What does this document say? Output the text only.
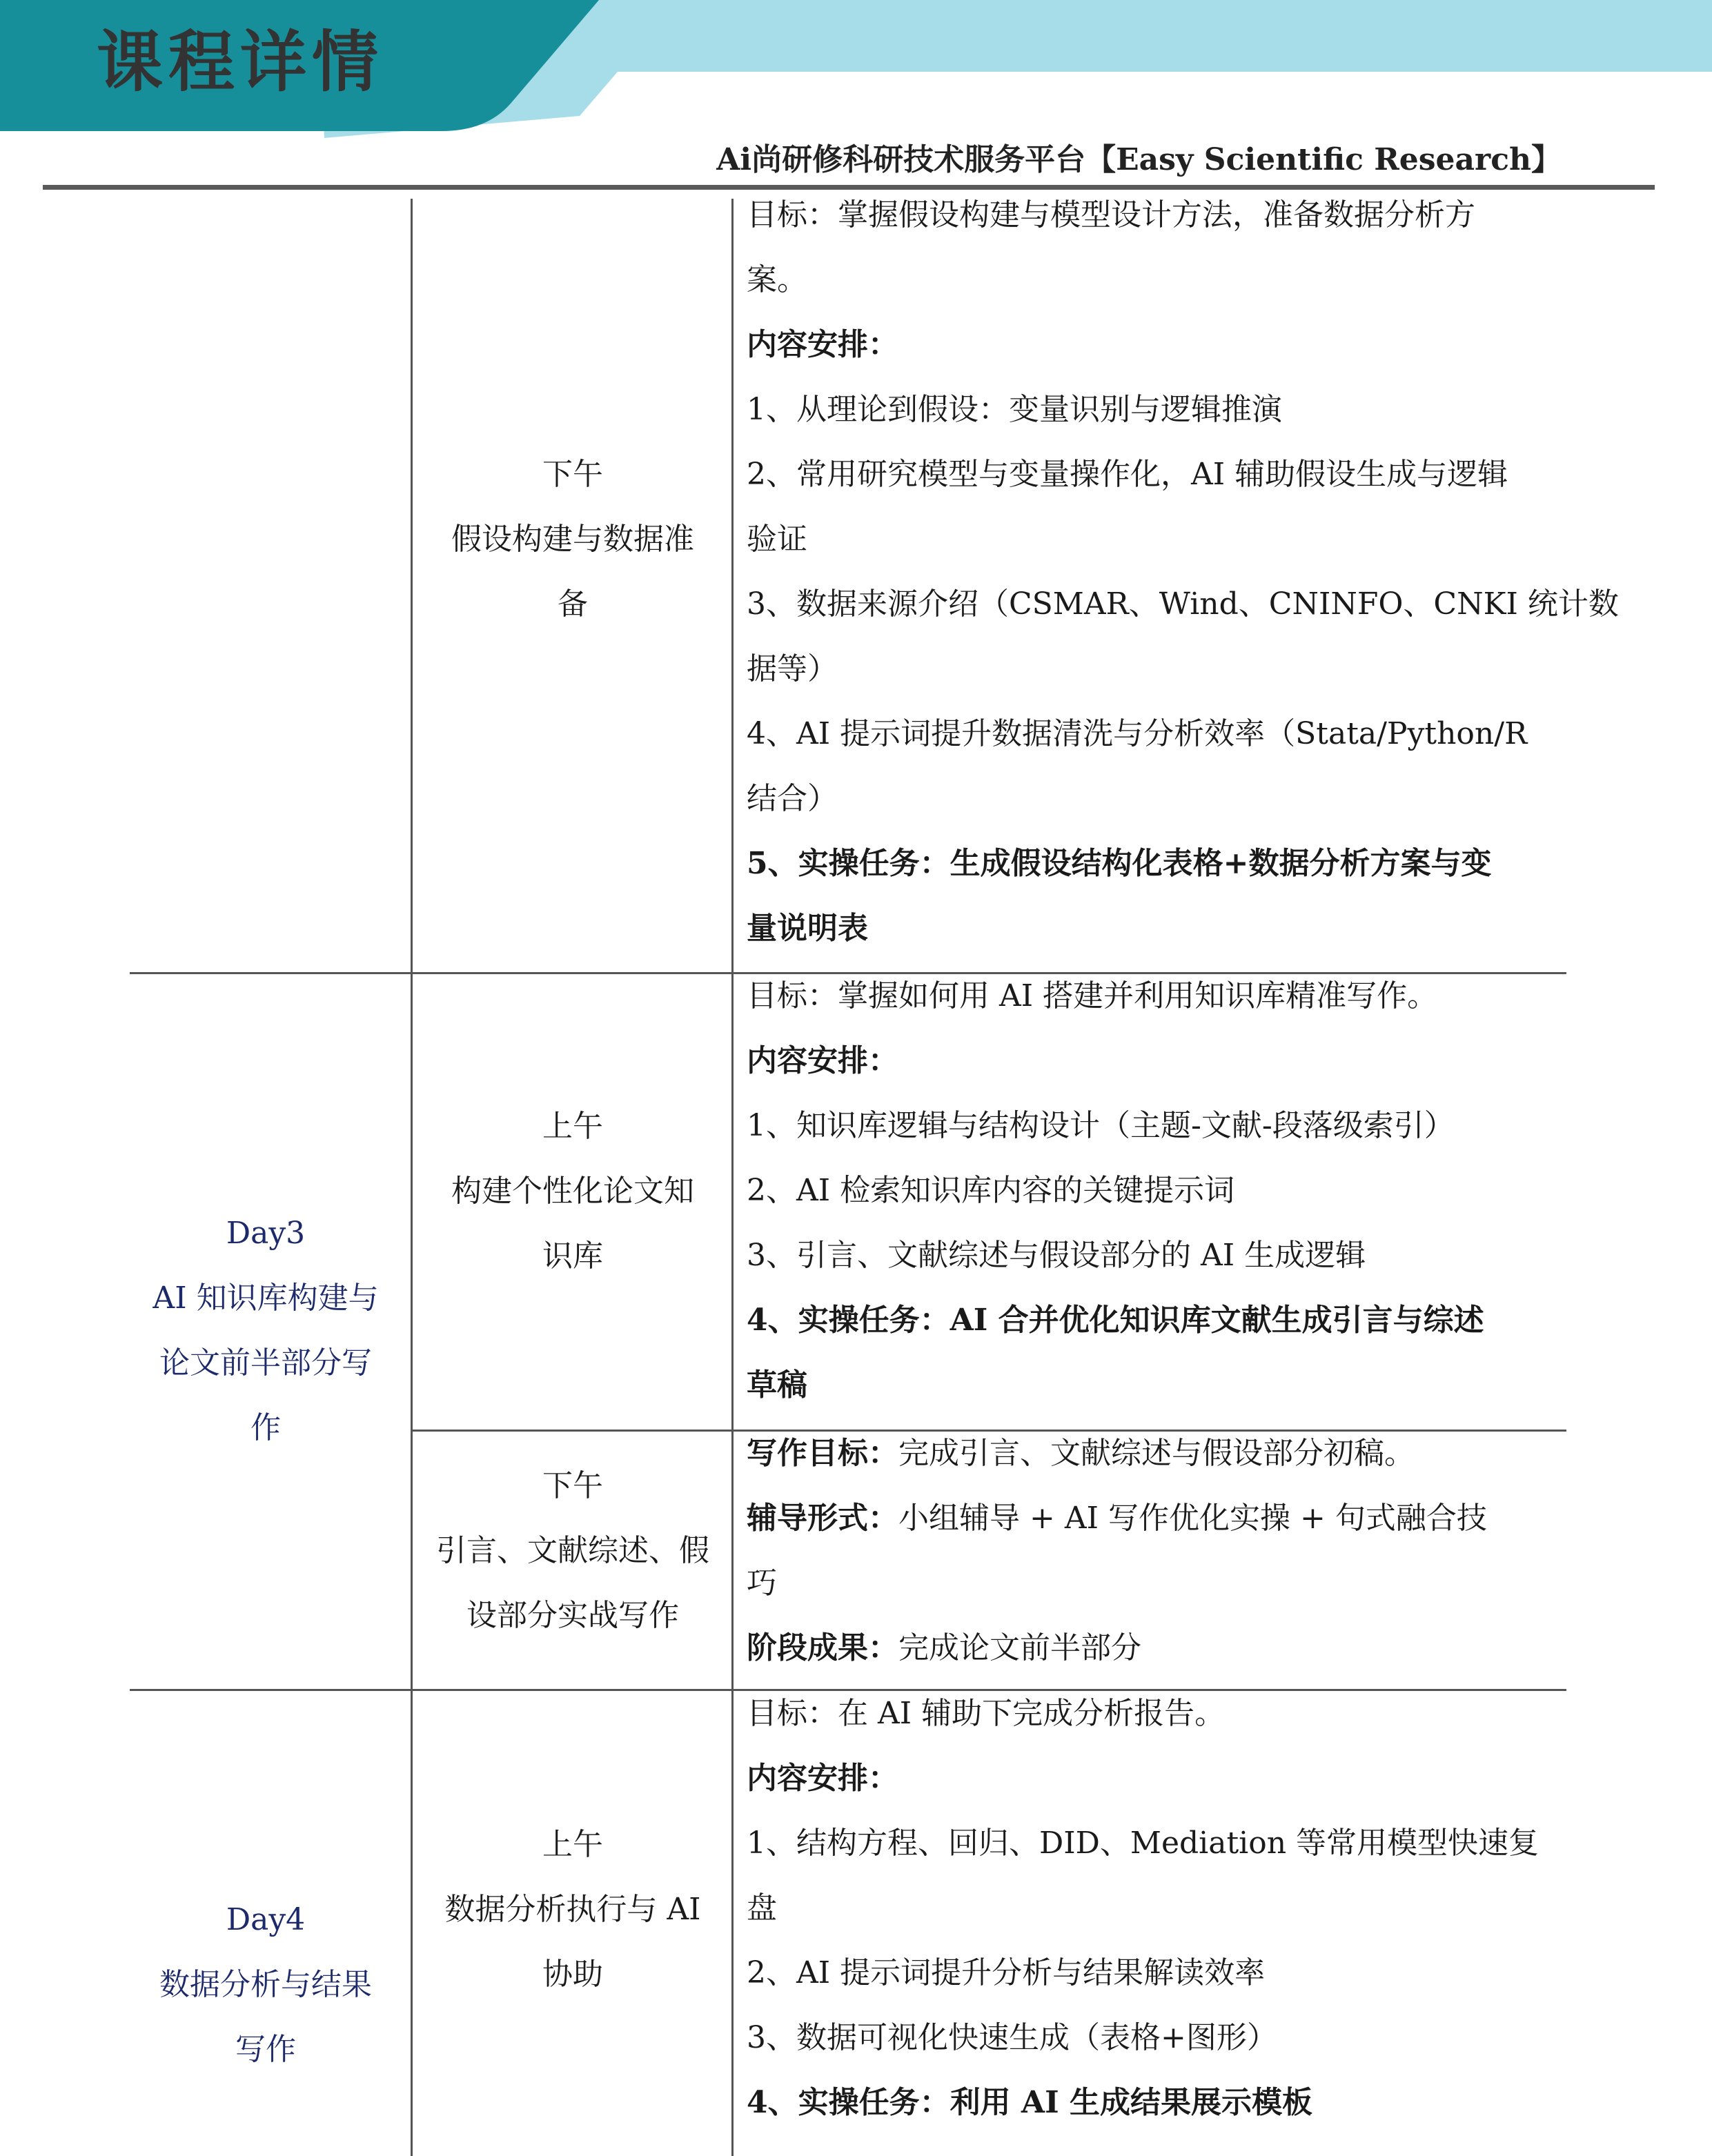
课程详情
Ai尚研修科研技术服务平台【Easy Scientific Research】
下午
假设构建与数据准
备
目标：掌握假设构建与模型设计方法，准备数据分析方
案。
内容安排：
1、从理论到假设：变量识别与逻辑推演
2、常用研究模型与变量操作化，AI 辅助假设生成与逻辑
验证
3、数据来源介绍（CSMAR、Wind、CNINFO、CNKI 统计数
据等）
4、AI 提示词提升数据清洗与分析效率（Stata/Python/R
结合）
5、实操任务：生成假设结构化表格+数据分析方案与变
量说明表
Day3
AI 知识库构建与
论文前半部分写
作
上午
构建个性化论文知
识库
目标：掌握如何用 AI 搭建并利用知识库精准写作。
内容安排：
1、知识库逻辑与结构设计（主题-文献-段落级索引）
2、AI 检索知识库内容的关键提示词
3、引言、文献综述与假设部分的 AI 生成逻辑
4、实操任务：AI 合并优化知识库文献生成引言与综述
草稿
下午
引言、文献综述、假
设部分实战写作
写作目标：完成引言、文献综述与假设部分初稿。
辅导形式：小组辅导 + AI 写作优化实操 + 句式融合技
巧
阶段成果：完成论文前半部分
Day4
数据分析与结果
写作
上午
数据分析执行与 AI
协助
目标：在 AI 辅助下完成分析报告。
内容安排：
1、结构方程、回归、DID、Mediation 等常用模型快速复
盘
2、AI 提示词提升分析与结果解读效率
3、数据可视化快速生成（表格+图形）
4、实操任务：利用 AI 生成结果展示模板
